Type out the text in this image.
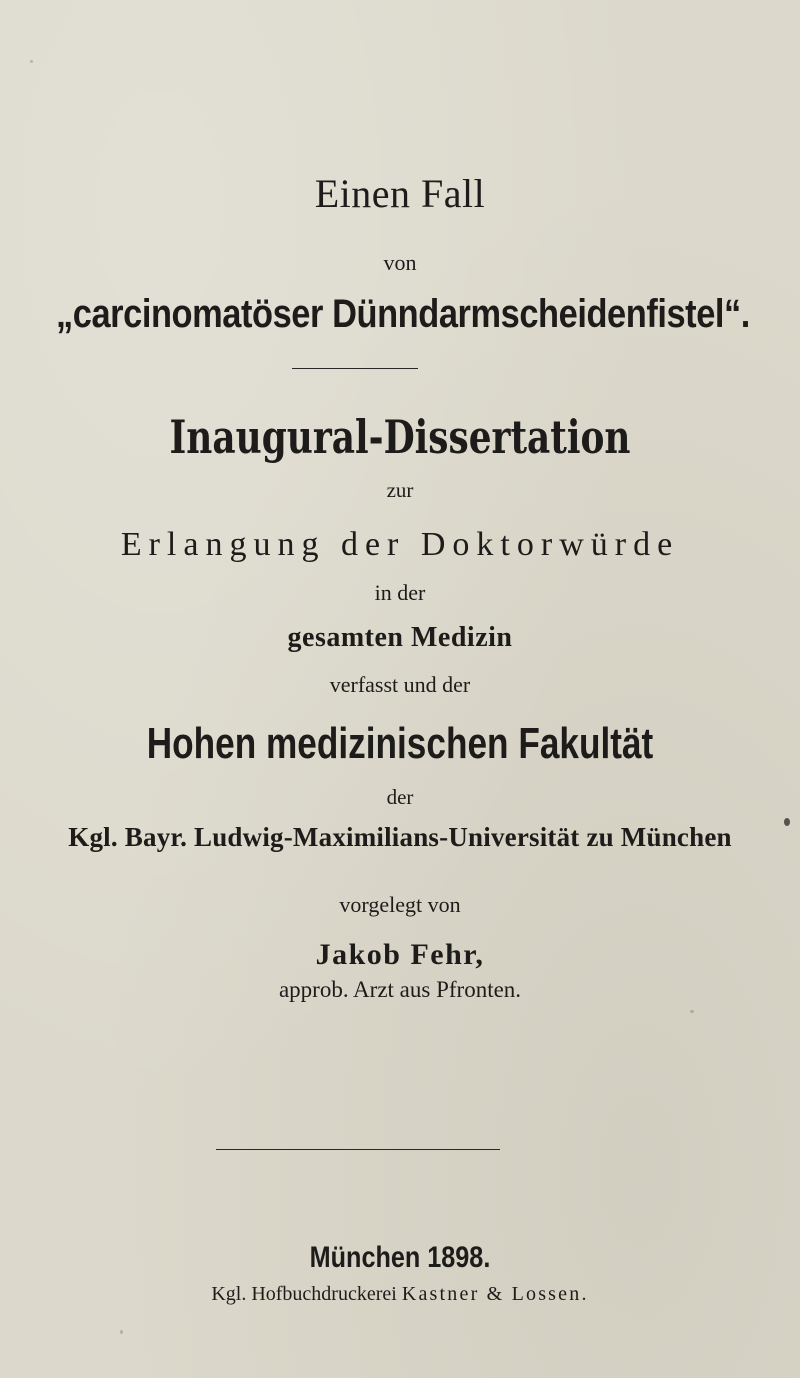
Einen Fall
von
„carcinomatöser Dünndarmscheidenfistel“.
Inaugural-Dissertation
zur
Erlangung der Doktorwürde
in der
gesamten Medizin
verfasst und der
Hohen medizinischen Fakultät
der
Kgl. Bayr. Ludwig-Maximilians-Universität zu München
vorgelegt von
Jakob Fehr,
approb. Arzt aus Pfronten.
München 1898.
Kgl. Hofbuchdruckerei Kastner & Lossen.
